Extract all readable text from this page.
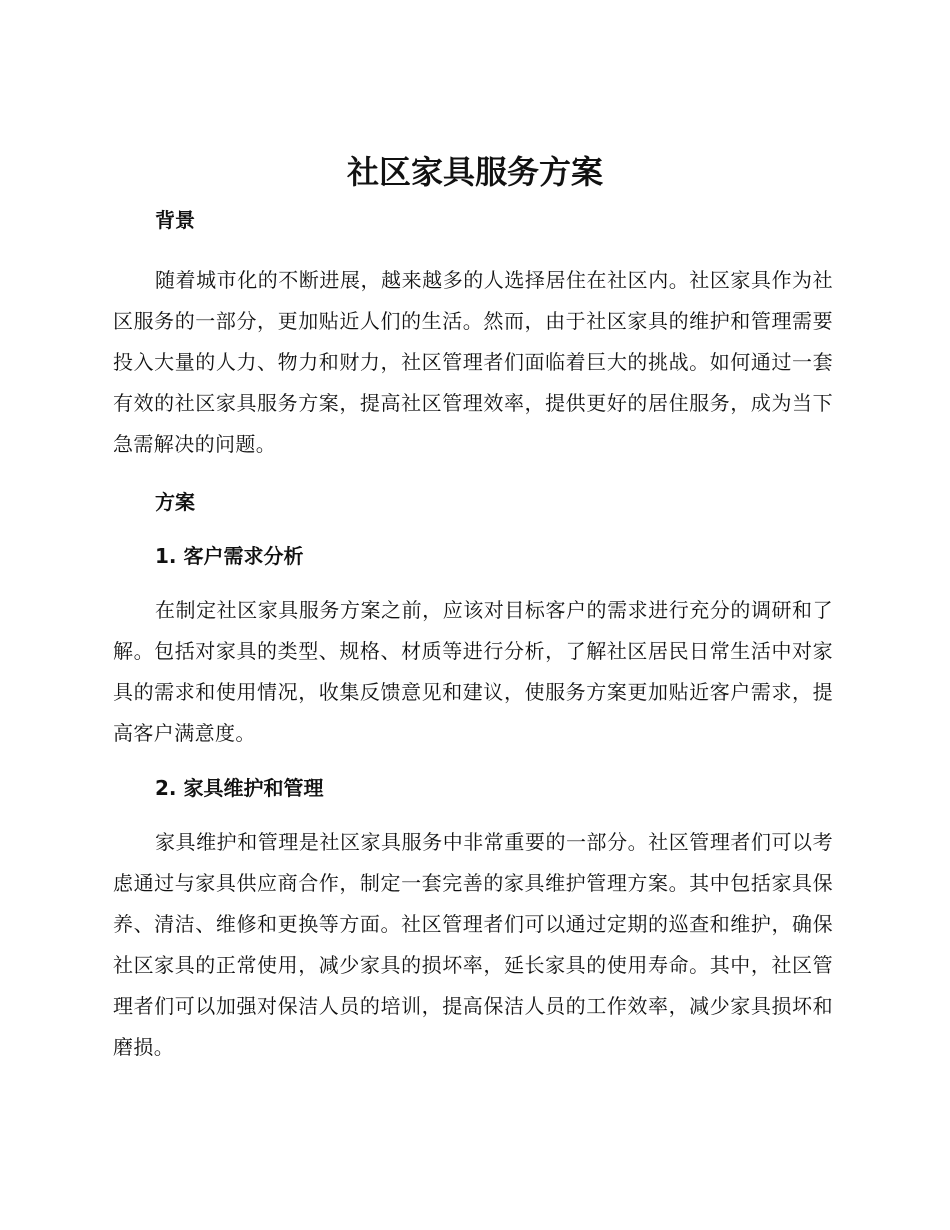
社区家具服务方案

背景

随着城市化的不断进展，越来越多的人选择居住在社区内。社区家具作为社区服务的一部分，更加贴近人们的生活。然而，由于社区家具的维护和管理需要投入大量的人力、物力和财力，社区管理者们面临着巨大的挑战。如何通过一套有效的社区家具服务方案，提高社区管理效率，提供更好的居住服务，成为当下急需解决的问题。

方案

1. 客户需求分析

在制定社区家具服务方案之前，应该对目标客户的需求进行充分的调研和了解。包括对家具的类型、规格、材质等进行分析，了解社区居民日常生活中对家具的需求和使用情况，收集反馈意见和建议，使服务方案更加贴近客户需求，提高客户满意度。

2. 家具维护和管理

家具维护和管理是社区家具服务中非常重要的一部分。社区管理者们可以考虑通过与家具供应商合作，制定一套完善的家具维护管理方案。其中包括家具保养、清洁、维修和更换等方面。社区管理者们可以通过定期的巡查和维护，确保社区家具的正常使用，减少家具的损坏率，延长家具的使用寿命。其中，社区管理者们可以加强对保洁人员的培训，提高保洁人员的工作效率，减少家具损坏和磨损。
